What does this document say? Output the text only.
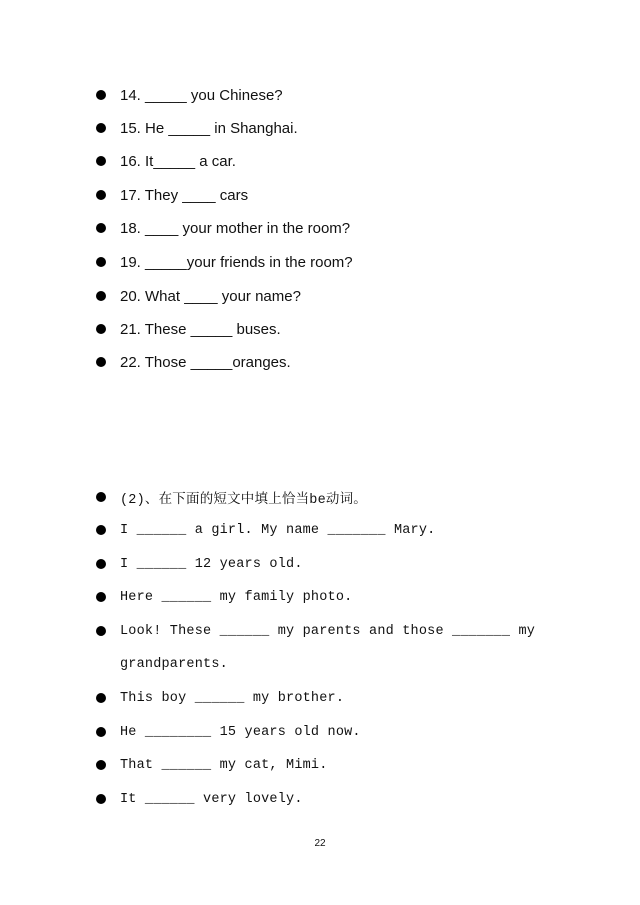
14. _____ you Chinese?
15. He _____ in Shanghai.
16. It_____ a car.
17. They ____ cars
18. ____ your mother in the room?
19. _____your friends in the room?
20. What ____ your name?
21. These _____ buses.
22. Those _____oranges.
(2)、在下面的短文中填上恰当be动词。
I ______ a girl. My name _______ Mary.
I ______ 12 years old.
Here ______ my family photo.
Look! These ______ my parents and those _______ my
grandparents.
This boy ______ my brother.
He ________ 15 years old now.
That ______ my cat, Mimi.
It ______ very lovely.
22
